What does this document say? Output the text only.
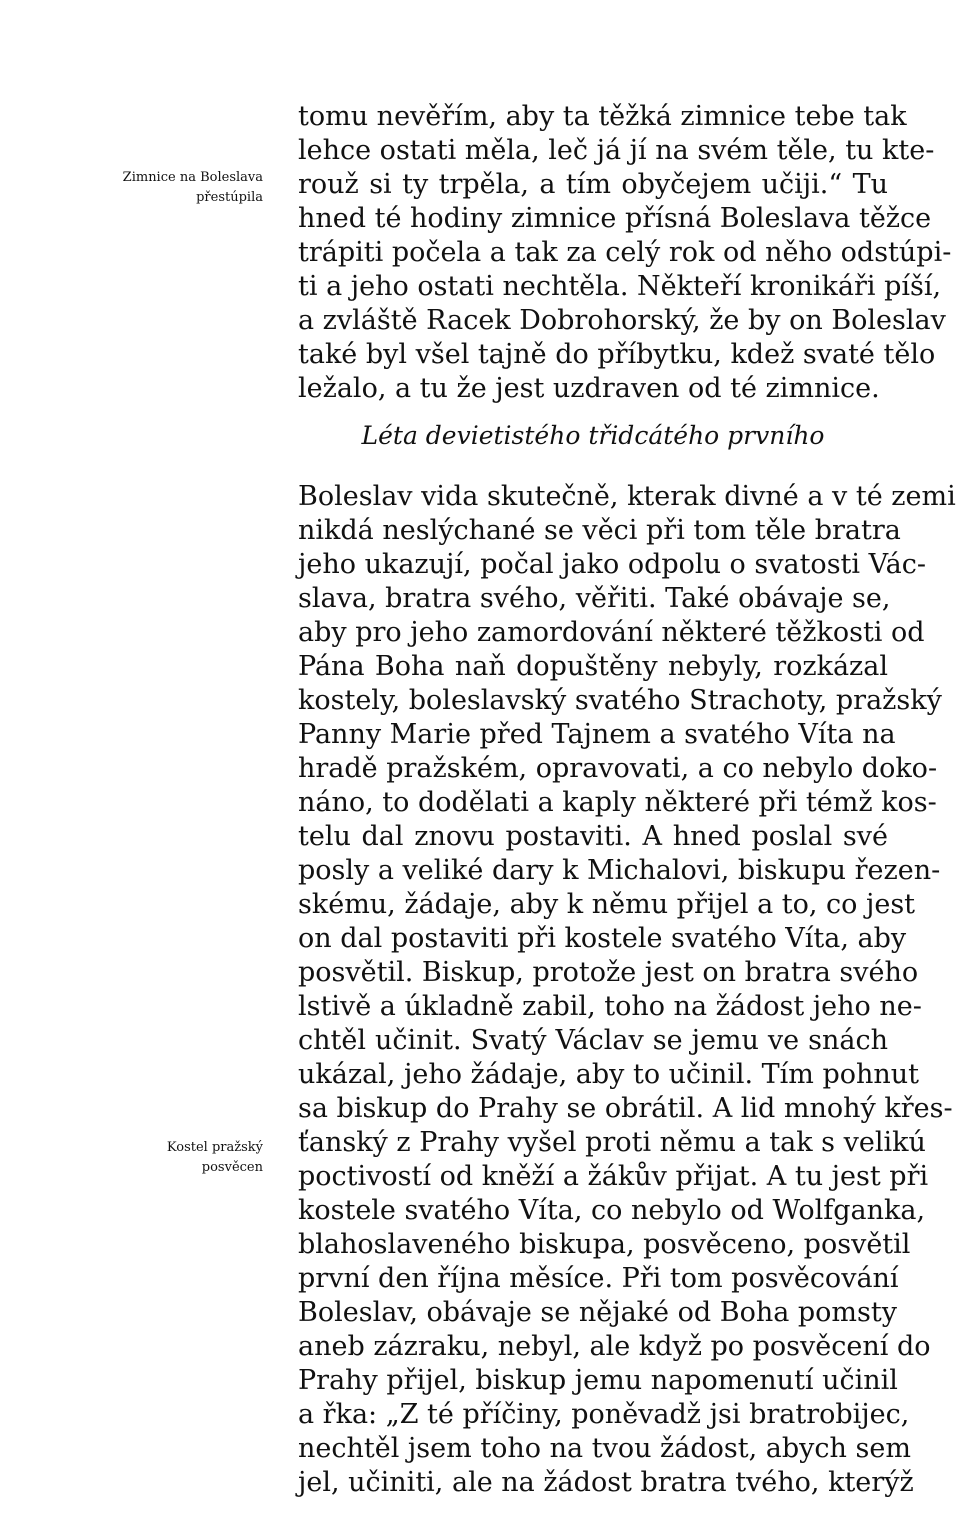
Zimnice na Boleslava
přestúpila
tomu nevěřím, aby ta těžká zimnice tebe tak
lehce ostati měla, leč já jí na svém těle, tu kte-
rouž si ty trpěla, a tím obyčejem učiji.“ Tu
hned té hodiny zimnice přísná Boleslava těžce
trápiti počela a tak za celý rok od něho odstúpi-
ti a jeho ostati nechtěla. Někteří kronikáři píší,
a zvláště Racek Dobrohorský, že by on Boleslav
také byl všel tajně do příbytku, kdež svaté tělo
ležalo, a tu že jest uzdraven od té zimnice.
Léta devietistého třidcátého prvního
Boleslav vida skutečně, kterak divné a v té zemi
nikdá neslýchané se věci při tom těle bratra
jeho ukazují, počal jako odpolu o svatosti Vác-
slava, bratra svého, věřiti. Také obávaje se,
aby pro jeho zamordování některé těžkosti od
Pána Boha naň dopuštěny nebyly, rozkázal
kostely, boleslavský svatého Strachoty, pražský
Panny Marie před Tajnem a svatého Víta na
hradě pražském, opravovati, a co nebylo doko-
náno, to dodělati a kaply některé při témž kos-
telu dal znovu postaviti. A hned poslal své
posly a veliké dary k Michalovi, biskupu řezen-
skému, žádaje, aby k němu přijel a to, co jest
on dal postaviti při kostele svatého Víta, aby
posvětil. Biskup, protože jest on bratra svého
lstivě a úkladně zabil, toho na žádost jeho ne-
chtěl učinit. Svatý Václav se jemu ve snách
ukázal, jeho žádaje, aby to učinil. Tím pohnut
sa biskup do Prahy se obrátil. A lid mnohý křes-
ťanský z Prahy vyšel proti němu a tak s velikú
poctivostí od kněží a žákův přijat. A tu jest při
kostele svatého Víta, co nebylo od Wolfganka,
blahoslaveného biskupa, posvěceno, posvětil
první den října měsíce. Při tom posvěcování
Boleslav, obávaje se nějaké od Boha pomsty
aneb zázraku, nebyl, ale když po posvěcení do
Prahy přijel, biskup jemu napomenutí učinil
a řka: „Z té příčiny, poněvadž jsi bratrobijec,
nechtěl jsem toho na tvou žádost, abych sem
jel, učiniti, ale na žádost bratra tvého, kterýž
Kostel pražský
posvěcen
